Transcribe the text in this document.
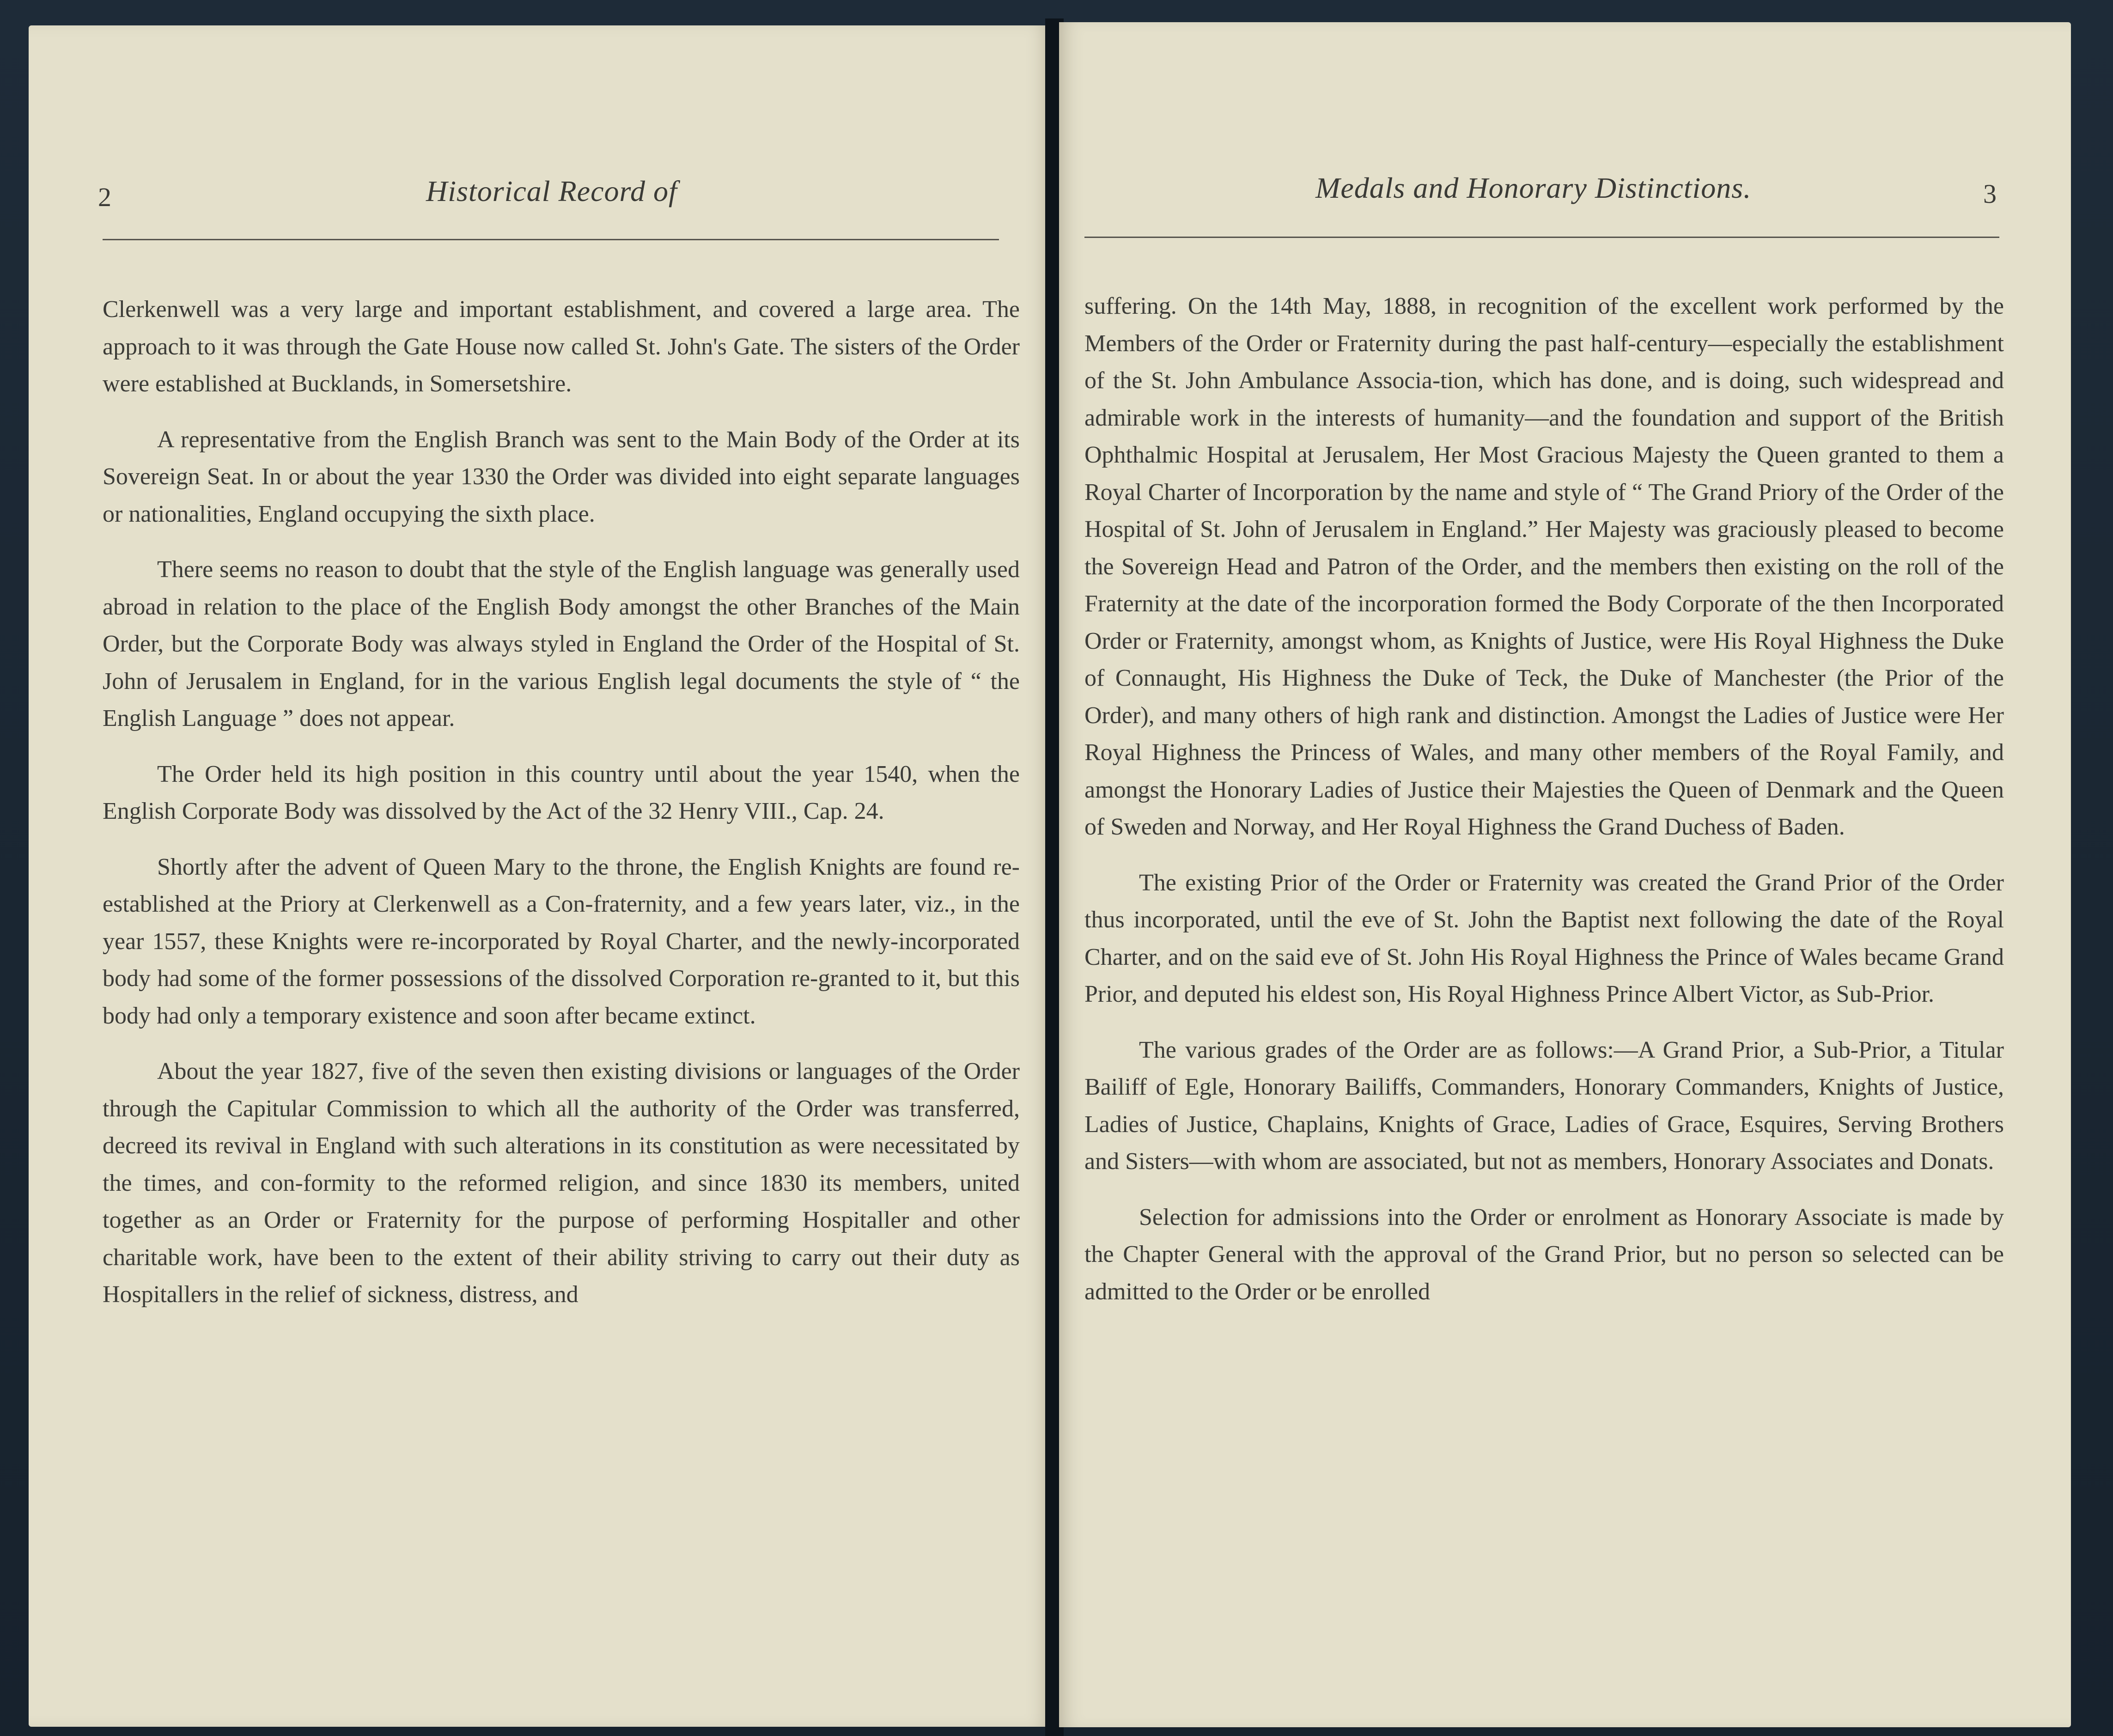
2	Historical Record of

Clerkenwell was a very large and important establishment, and covered a large area. The approach to it was through the Gate House now called St. John's Gate. The sisters of the Order were established at Bucklands, in Somersetshire.

A representative from the English Branch was sent to the Main Body of the Order at its Sovereign Seat. In or about the year 1330 the Order was divided into eight separate languages or nationalities, England occupying the sixth place.

There seems no reason to doubt that the style of the English language was generally used abroad in relation to the place of the English Body amongst the other Branches of the Main Order, but the Corporate Body was always styled in England the Order of the Hospital of St. John of Jerusalem in England, for in the various English legal documents the style of “ the English Language ” does not appear.

The Order held its high position in this country until about the year 1540, when the English Corporate Body was dissolved by the Act of the 32 Henry VIII., Cap. 24.

Shortly after the advent of Queen Mary to the throne, the English Knights are found re-established at the Priory at Clerkenwell as a Con-fraternity, and a few years later, viz., in the year 1557, these Knights were re-incorporated by Royal Charter, and the newly-incorporated body had some of the former possessions of the dissolved Corporation re-granted to it, but this body had only a temporary existence and soon after became extinct.

About the year 1827, five of the seven then existing divisions or languages of the Order through the Capitular Commission to which all the authority of the Order was transferred, decreed its revival in England with such alterations in its constitution as were necessitated by the times, and con-formity to the reformed religion, and since 1830 its members, united together as an Order or Fraternity for the purpose of performing Hospitaller and other charitable work, have been to the extent of their ability striving to carry out their duty as Hospitallers in the relief of sickness, distress, and

Medals and Honorary Distinctions.	3

suffering. On the 14th May, 1888, in recognition of the excellent work performed by the Members of the Order or Fraternity during the past half-century—especially the establishment of the St. John Ambulance Associa-tion, which has done, and is doing, such widespread and admirable work in the interests of humanity—and the foundation and support of the British Ophthalmic Hospital at Jerusalem, Her Most Gracious Majesty the Queen granted to them a Royal Charter of Incorporation by the name and style of “ The Grand Priory of the Order of the Hospital of St. John of Jerusalem in England.” Her Majesty was graciously pleased to become the Sovereign Head and Patron of the Order, and the members then existing on the roll of the Fraternity at the date of the incorporation formed the Body Corporate of the then Incorporated Order or Fraternity, amongst whom, as Knights of Justice, were His Royal Highness the Duke of Connaught, His Highness the Duke of Teck, the Duke of Manchester (the Prior of the Order), and many others of high rank and distinction. Amongst the Ladies of Justice were Her Royal Highness the Princess of Wales, and many other members of the Royal Family, and amongst the Honorary Ladies of Justice their Majesties the Queen of Denmark and the Queen of Sweden and Norway, and Her Royal Highness the Grand Duchess of Baden.

The existing Prior of the Order or Fraternity was created the Grand Prior of the Order thus incorporated, until the eve of St. John the Baptist next following the date of the Royal Charter, and on the said eve of St. John His Royal Highness the Prince of Wales became Grand Prior, and deputed his eldest son, His Royal Highness Prince Albert Victor, as Sub-Prior.

The various grades of the Order are as follows:—A Grand Prior, a Sub-Prior, a Titular Bailiff of Egle, Honorary Bailiffs, Commanders, Honorary Commanders, Knights of Justice, Ladies of Justice, Chaplains, Knights of Grace, Ladies of Grace, Esquires, Serving Brothers and Sisters—with whom are associated, but not as members, Honorary Associates and Donats.

Selection for admissions into the Order or enrolment as Honorary Associate is made by the Chapter General with the approval of the Grand Prior, but no person so selected can be admitted to the Order or be enrolled
